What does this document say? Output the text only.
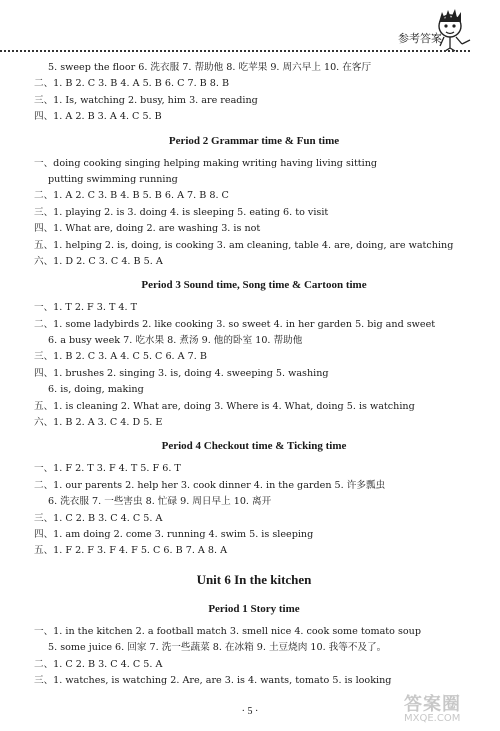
参考答案
5. sweep the floor 6. 洗衣服 7. 帮助他 8. 吃苹果 9. 周六早上 10. 在客厅
二、1. B 2. C 3. B 4. A 5. B 6. C 7. B 8. B
三、1. Is, watching 2. busy, him 3. are reading
四、1. A 2. B 3. A 4. C 5. B
Period 2 Grammar time & Fun time
一、doing cooking singing helping making writing having living sitting
putting swimming running
二、1. A 2. C 3. B 4. B 5. B 6. A 7. B 8. C
三、1. playing 2. is 3. doing 4. is sleeping 5. eating 6. to visit
四、1. What are, doing 2. are washing 3. is not
五、1. helping 2. is, doing, is cooking 3. am cleaning, table 4. are, doing, are watching
六、1. D 2. C 3. C 4. B 5. A
Period 3 Sound time, Song time & Cartoon time
一、1. T 2. F 3. T 4. T
二、1. some ladybirds 2. like cooking 3. so sweet 4. in her garden 5. big and sweet
6. a busy week 7. 吃水果 8. 煮汤 9. 他的卧室 10. 帮助他
三、1. B 2. C 3. A 4. C 5. C 6. A 7. B
四、1. brushes 2. singing 3. is, doing 4. sweeping 5. washing
6. is, doing, making
五、1. is cleaning 2. What are, doing 3. Where is 4. What, doing 5. is watching
六、1. B 2. A 3. C 4. D 5. E
Period 4 Checkout time & Ticking time
一、1. F 2. T 3. F 4. T 5. F 6. T
二、1. our parents 2. help her 3. cook dinner 4. in the garden 5. 许多瓢虫
6. 洗衣服 7. 一些害虫 8. 忙碌 9. 周日早上 10. 离开
三、1. C 2. B 3. C 4. C 5. A
四、1. am doing 2. come 3. running 4. swim 5. is sleeping
五、1. F 2. F 3. F 4. F 5. C 6. B 7. A 8. A
Unit 6 In the kitchen
Period 1 Story time
一、1. in the kitchen 2. a football match 3. smell nice 4. cook some tomato soup
5. some juice 6. 回家 7. 洗一些蔬菜 8. 在冰箱 9. 土豆烧肉 10. 我等不及了。
二、1. C 2. B 3. C 4. C 5. A
三、1. watches, is watching 2. Are, are 3. is 4. wants, tomato 5. is looking
· 5 ·	答案圈
MXQE.COM
